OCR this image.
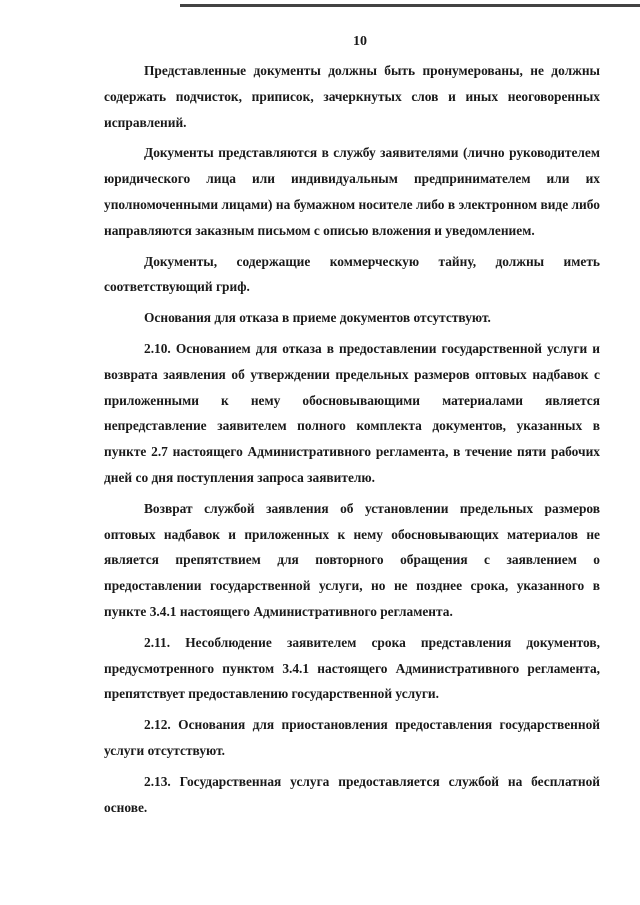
10

Представленные документы должны быть пронумерованы, не должны содержать подчисток, приписок, зачеркнутых слов и иных неоговоренных исправлений.

Документы представляются в службу заявителями (лично руководителем юридического лица или индивидуальным предпринимателем или их уполномоченными лицами) на бумажном носителе либо в электронном виде либо направляются заказным письмом с описью вложения и уведомлением.

Документы, содержащие коммерческую тайну, должны иметь соответствующий гриф.

Основания для отказа в приеме документов отсутствуют.

2.10. Основанием для отказа в предоставлении государственной услуги и возврата заявления об утверждении предельных размеров оптовых надбавок с приложенными к нему обосновывающими материалами является непредставление заявителем полного комплекта документов, указанных в пункте 2.7 настоящего Административного регламента, в течение пяти рабочих дней со дня поступления запроса заявителю.

Возврат службой заявления об установлении предельных размеров оптовых надбавок и приложенных к нему обосновывающих материалов не является препятствием для повторного обращения с заявлением о предоставлении государственной услуги, но не позднее срока, указанного в пункте 3.4.1 настоящего Административного регламента.

2.11. Несоблюдение заявителем срока представления документов, предусмотренного пунктом 3.4.1 настоящего Административного регламента, препятствует предоставлению государственной услуги.

2.12. Основания для приостановления предоставления государственной услуги отсутствуют.

2.13. Государственная услуга предоставляется службой на бесплатной основе.
